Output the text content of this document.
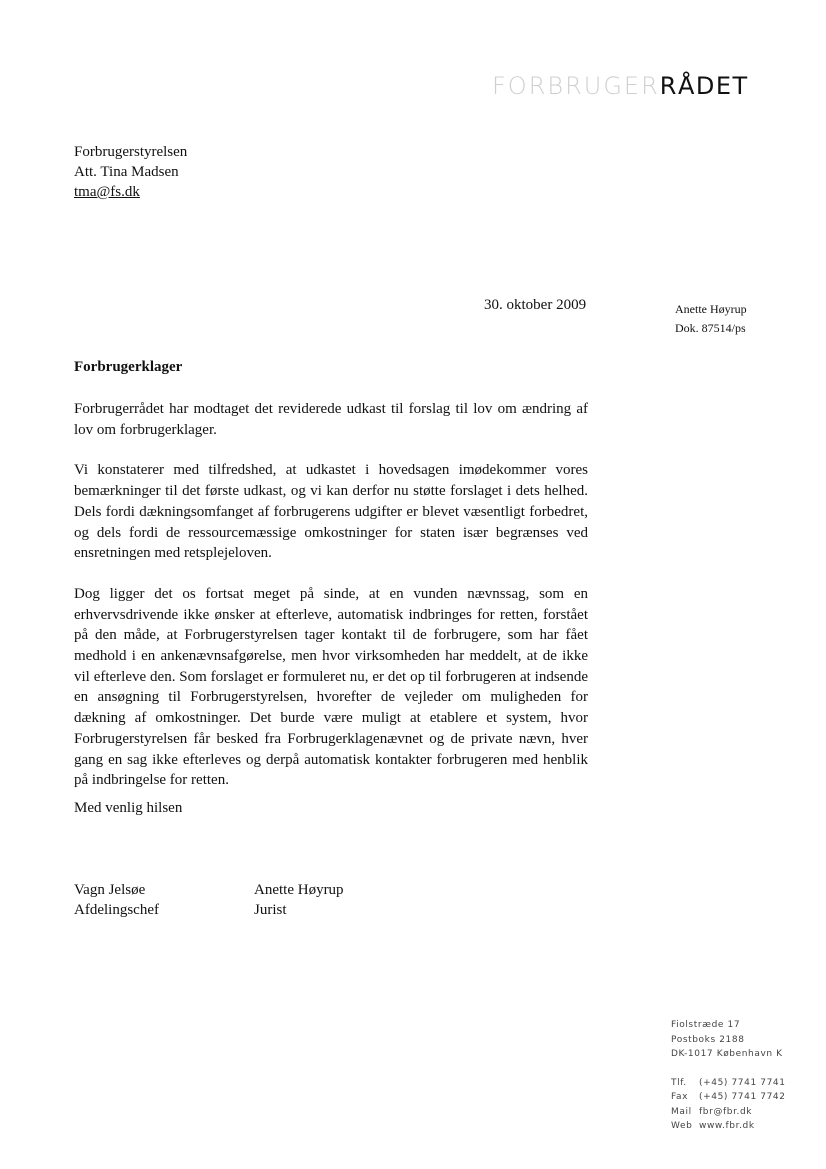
FORBRUGERRÅDET
Forbrugerstyrelsen
Att. Tina Madsen
tma@fs.dk
30. oktober 2009	Anette Høyrup
Dok. 87514/ps
Forbrugerklager

Forbrugerrådet har modtaget det reviderede udkast til forslag til lov om ændring af lov om forbrugerklager.

Vi konstaterer med tilfredshed, at udkastet i hovedsagen imødekommer vores bemærkninger til det første udkast, og vi kan derfor nu støtte forslaget i dets helhed. Dels fordi dækningsomfanget af forbrugerens udgifter er blevet væsentligt forbedret, og dels fordi de ressourcemæssige omkostninger for staten især begrænses ved ensretningen med retsplejeloven.

Dog ligger det os fortsat meget på sinde, at en vunden nævnssag, som en erhvervsdrivende ikke ønsker at efterleve, automatisk indbringes for retten, forstået på den måde, at Forbrugerstyrelsen tager kontakt til de forbrugere, som har fået medhold i en ankenævnsafgørelse, men hvor virksomheden har meddelt, at de ikke vil efterleve den. Som forslaget er formuleret nu, er det op til forbrugeren at indsende en ansøgning til Forbrugerstyrelsen, hvorefter de vejleder om muligheden for dækning af omkostninger. Det burde være muligt at etablere et system, hvor Forbrugerstyrelsen får besked fra Forbrugerklagenævnet og de private nævn, hver gang en sag ikke efterleves og derpå automatisk kontakter forbrugeren med henblik på indbringelse for retten.

Med venlig hilsen
Vagn Jelsøe
Afdelingschef
Anette Høyrup
Jurist
Fiolstræde 17
Postboks 2188
DK-1017 København K
Tlf. (+45) 7741 7741
Fax (+45) 7741 7742
Mail fbr@fbr.dk
Web www.fbr.dk
